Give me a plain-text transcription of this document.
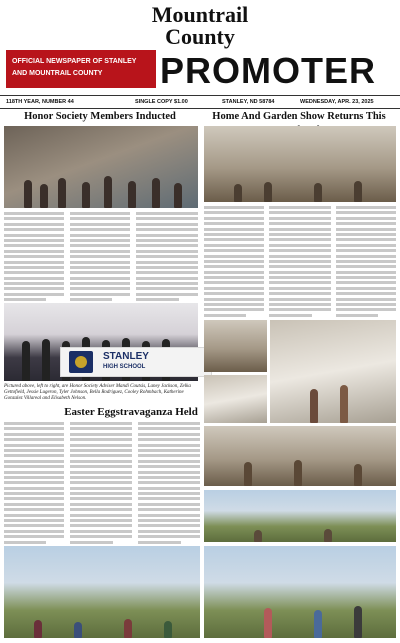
Mountrail
County
OFFICIAL NEWSPAPER OF STANLEY AND MOUNTRAIL COUNTY	PROMOTER
118TH YEAR, NUMBER 44	SINGLE COPY $1.00	STANLEY, ND 58784	WEDNESDAY, APR. 23, 2025
Honor Society Members Inducted
STANLEY
HIGH SCHOOL
Pictured above, left to right, are Honor Society Adviser Mandi Coutsis, Laney Jackson, Zelka Gettofield, Jessie Lugeron, Tyler Johnson, Bella Rodriguez, Cooley Rohmbach, Katherine Gonzalez Villareal and Elisabeth Nelson.
Home And Garden Show Returns This
Easter Eggstravaganza Held
